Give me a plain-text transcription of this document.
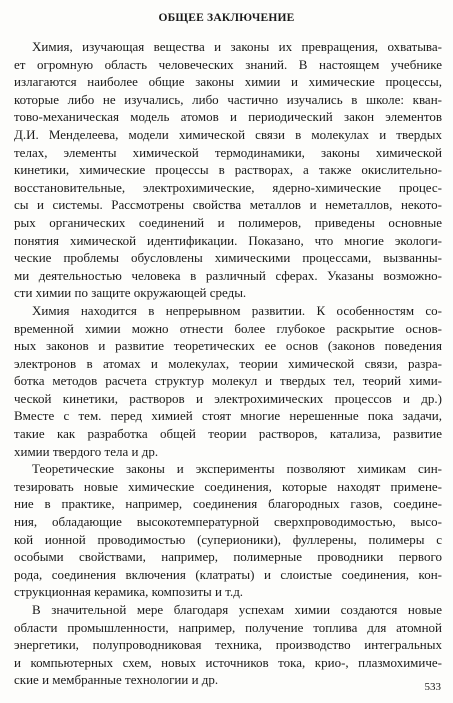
ОБЩЕЕ ЗАКЛЮЧЕНИЕ
Химия, изучающая вещества и законы их превращения, охватыва-
ет огромную область человеческих знаний. В настоящем учебнике
излагаются наиболее общие законы химии и химические процессы,
которые либо не изучались, либо частично изучались в школе: кван-
тово-механическая модель атомов и периодический закон элементов
Д.И. Менделеева, модели химической связи в молекулах и твердых
телах, элементы химической термодинамики, законы химической
кинетики, химические процессы в растворах, а также окислительно-
восстановительные, электрохимические, ядерно-химические процес-
сы и системы. Рассмотрены свойства металлов и неметаллов, некото-
рых органических соединений и полимеров, приведены основные
понятия химической идентификации. Показано, что многие экологи-
ческие проблемы обусловлены химическими процессами, вызванны-
ми деятельностью человека в различный сферах. Указаны возможно-
сти химии по защите окружающей среды.
Химия находится в непрерывном развитии. К особенностям со-
временной химии можно отнести более глубокое раскрытие основ-
ных законов и развитие теоретических ее основ (законов поведения
электронов в атомах и молекулах, теории химической связи, разра-
ботка методов расчета структур молекул и твердых тел, теорий хими-
ческой кинетики, растворов и электрохимических процессов и др.)
Вместе с тем. перед химией стоят многие нерешенные пока задачи,
такие как разработка общей теории растворов, катализа, развитие
химии твердого тела и др.
Теоретические законы и эксперименты позволяют химикам син-
тезировать новые химические соединения, которые находят примене-
ние в практике, например, соединения благородных газов, соедине-
ния, обладающие высокотемпературной сверхпроводимостью, высо-
кой ионной проводимостью (суперионики), фуллерены, полимеры с
особыми свойствами, например, полимерные проводники первого
рода, соединения включения (клатраты) и слоистые соединения, кон-
струкционная керамика, композиты и т.д.
В значительной мере благодаря успехам химии создаются новые
области промышленности, например, получение топлива для атомной
энергетики, полупроводниковая техника, производство интегральных
и компьютерных схем, новых источников тока, крио-, плазмохимиче-
ские и мембранные технологии и др.	533
